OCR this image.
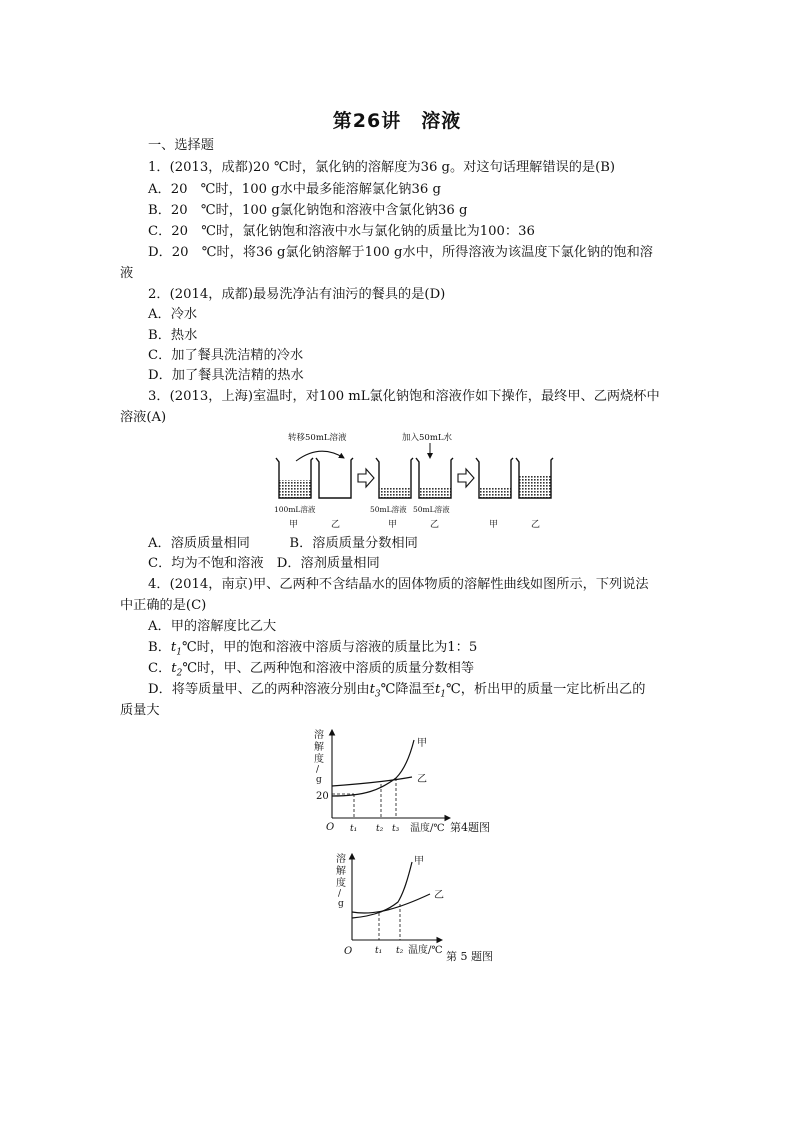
第26讲　溶液
一、选择题
1．(2013，成都)20 ℃时，氯化钠的溶解度为36 g。对这句话理解错误的是(B)
A．20　℃时，100 g水中最多能溶解氯化钠36 g
B．20　℃时，100 g氯化钠饱和溶液中含氯化钠36 g
C．20　℃时，氯化钠饱和溶液中水与氯化钠的质量比为100：36
D．20　℃时，将36 g氯化钠溶解于100 g水中，所得溶液为该温度下氯化钠的饱和溶
液
2．(2014，成都)最易洗净沾有油污的餐具的是(D)
A．冷水
B．热水
C．加了餐具洗洁精的冷水
D．加了餐具洗洁精的热水
3．(2013，上海)室温时，对100 mL氯化钠饱和溶液作如下操作，最终甲、乙两烧杯中
溶液(A)
转移50mL溶液	加入50mL水
100mL溶液	50mL溶液 50mL溶液
甲	乙	甲	乙	甲	乙
A．溶质质量相同　　　B．溶质质量分数相同
C．均为不饱和溶液　D．溶剂质量相同
4．(2014，南京)甲、乙两种不含结晶水的固体物质的溶解性曲线如图所示，下列说法
中正确的是(C)
A．甲的溶解度比乙大
B．$t_1℃$时，甲的饱和溶液中溶质与溶液的质量比为1：5
C．$t_2℃$时，甲、乙两种饱和溶液中溶质的质量分数相等
D．将等质量甲、乙的两种溶液分别由$t_3℃$降温至$t_1℃$，析出甲的质量一定比析出乙的
质量大
溶
解
度
/
g
20
O
甲
乙
t₁ t₂ t₃ 温度/℃ 第4题图
溶
解
度
/
g
O
甲
乙
t₁ t₂ 温度/℃ 第 5 题图
